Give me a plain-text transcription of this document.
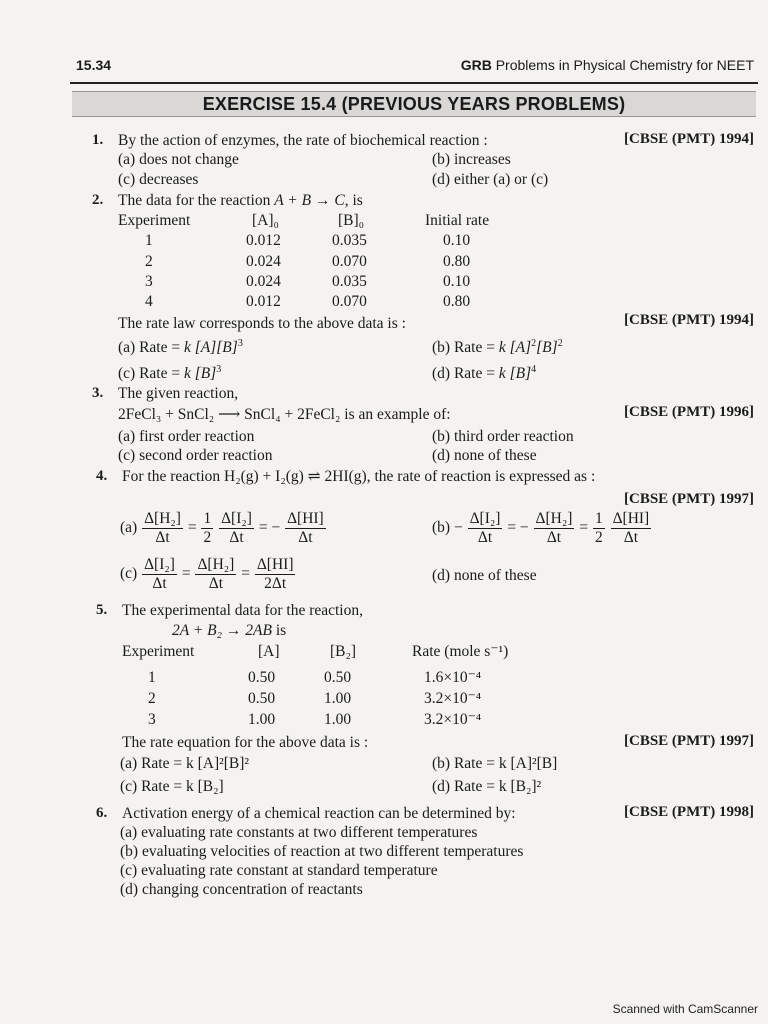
15.34	GRB Problems in Physical Chemistry for NEET
EXERCISE 15.4 (PREVIOUS YEARS PROBLEMS)
1. By the action of enzymes, the rate of biochemical reaction :	[CBSE (PMT) 1994]
(a) does not change	(b) increases
(c) decreases	(d) either (a) or (c)
2. The data for the reaction A + B → C, is
Experiment	[A]₀	[B]₀	Initial rate
1	0.012	0.035	0.10
2	0.024	0.070	0.80
3	0.024	0.035	0.10
4	0.012	0.070	0.80
The rate law corresponds to the above data is :	[CBSE (PMT) 1994]
(a) Rate = k $[A][B]^3$	(b) Rate = k $[A]^2[B]^2$
(c) Rate = k $[B]^3$	(d) Rate = k $[B]^4$
3. The given reaction,
2FeCl₃ + SnCl₂ ⟶ SnCl₄ + 2FeCl₂ is an example of:	[CBSE (PMT) 1996]
(a) first order reaction	(b) third order reaction
(c) second order reaction	(d) none of these
4. For the reaction H₂(g) + I₂(g) ⇌ 2HI(g), the rate of reaction is expressed as :
[CBSE (PMT) 1997]
$(a) \frac{\text{Δ[H₂]}}{\Delta t} = \frac{1}{2}$
$\frac{\text{Δ[I₂]}}{\Delta t}$ = − $\frac{\Delta[HI]}{\Delta t}$	$(b) - \frac{\text{Δ[I₂]}}{\Delta t}$ = − $\frac{\text{Δ[H₂]}}{\Delta t} = \frac{1}{2}$
$\frac{\Delta[HI]}{\Delta t}$
$(c) \frac{\text{Δ[I₂]}}{\Delta t} = \frac{\text{Δ[H₂]}}{\Delta t} = \frac{\Delta[HI]}{2\Delta t}$	(d) none of these
5. The experimental data for the reaction,
2A + B₂ → 2AB is
Experiment	[A]	[B₂]	Rate (mole s⁻¹)
1	0.50	0.50	1.6×10⁻⁴
2	0.50	1.00	3.2×10⁻⁴
3	1.00	1.00	3.2×10⁻⁴
The rate equation for the above data is :	[CBSE (PMT) 1997]
(a) Rate = k [A]²[B]²	(b) Rate = k [A]²[B]
(c) Rate = k [B₂]	(d) Rate = k [B₂]²
6. Activation energy of a chemical reaction can be determined by:	[CBSE (PMT) 1998]
(a) evaluating rate constants at two different temperatures
(b) evaluating velocities of reaction at two different temperatures
(c) evaluating rate constant at standard temperature
(d) changing concentration of reactants
Scanned with CamScanner
